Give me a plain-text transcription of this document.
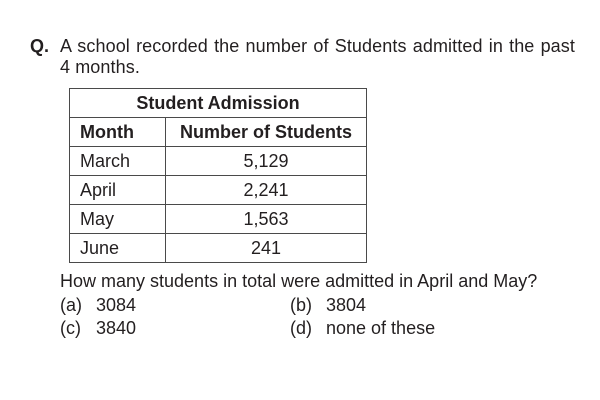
Q. A school recorded the number of Students admitted in the past 4 months.
Student Admission	
Month	Number of Students
March	5,129
April	2,241
May	1,563
June	241
How many students in total were admitted in April and May?
(a) 3084	(b) 3804
(c) 3840	(d) none of these
